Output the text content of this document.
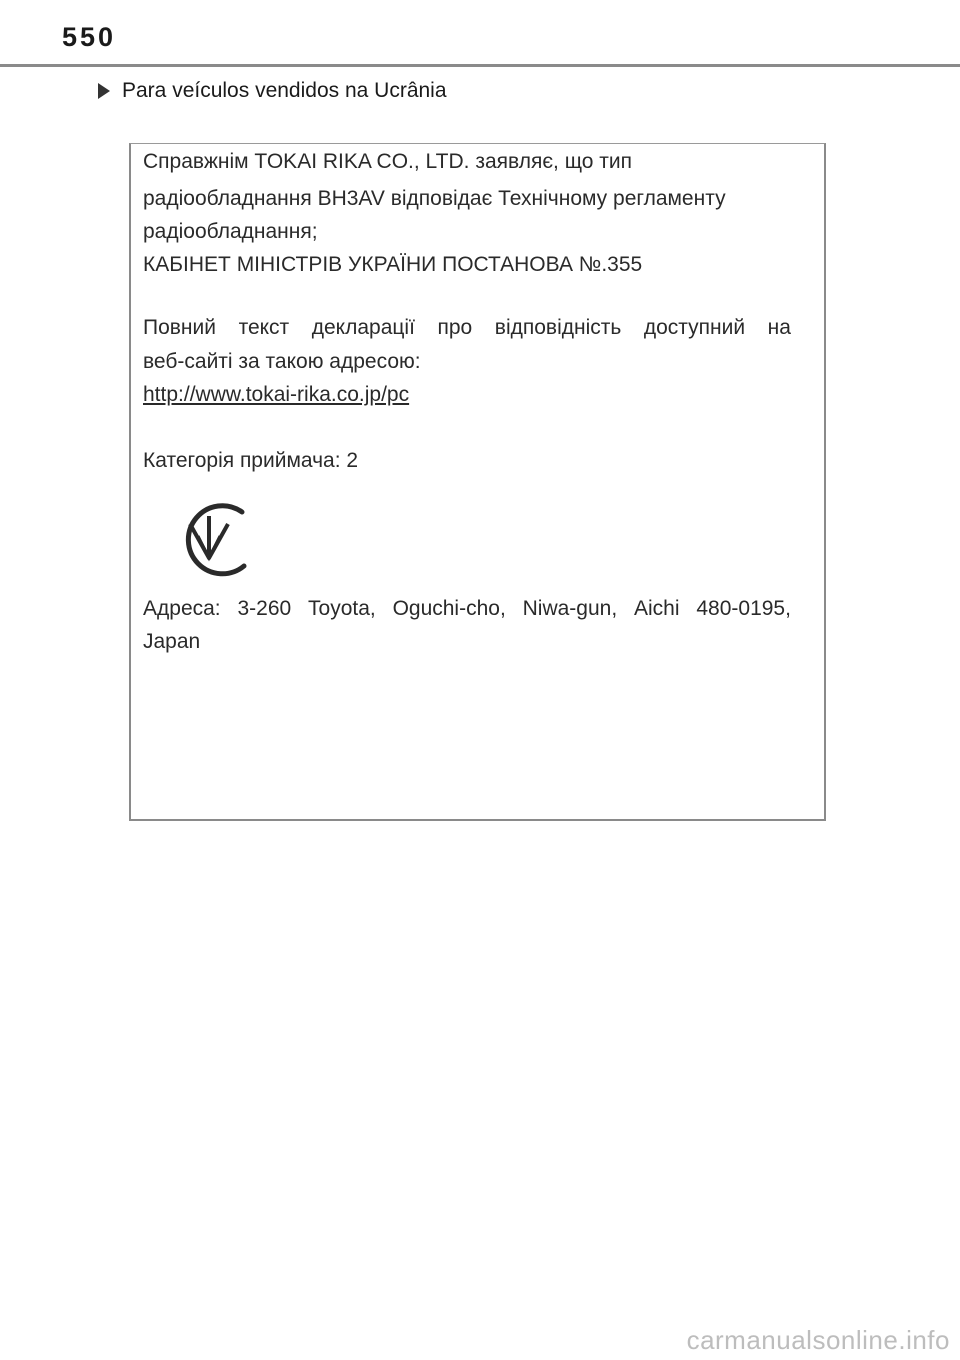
550
Para veículos vendidos na Ucrânia
Справжнім TOKAI RIKA CO., LTD. заявляє, що тип
радіообладнання BH3AV відповідає Технічному регламенту
радіообладнання;
КАБІНЕТ МІНІСТРІВ УКРАЇНИ ПОСТАНОВА №.355
Повний текст декларації про відповідність доступний на
веб-сайті за такою адресою:
http://www.tokai-rika.co.jp/pc
Категорія приймача: 2
Адреса: 3-260 Toyota, Oguchi-cho, Niwa-gun, Aichi 480-0195,
Japan
carmanualsonline.info
